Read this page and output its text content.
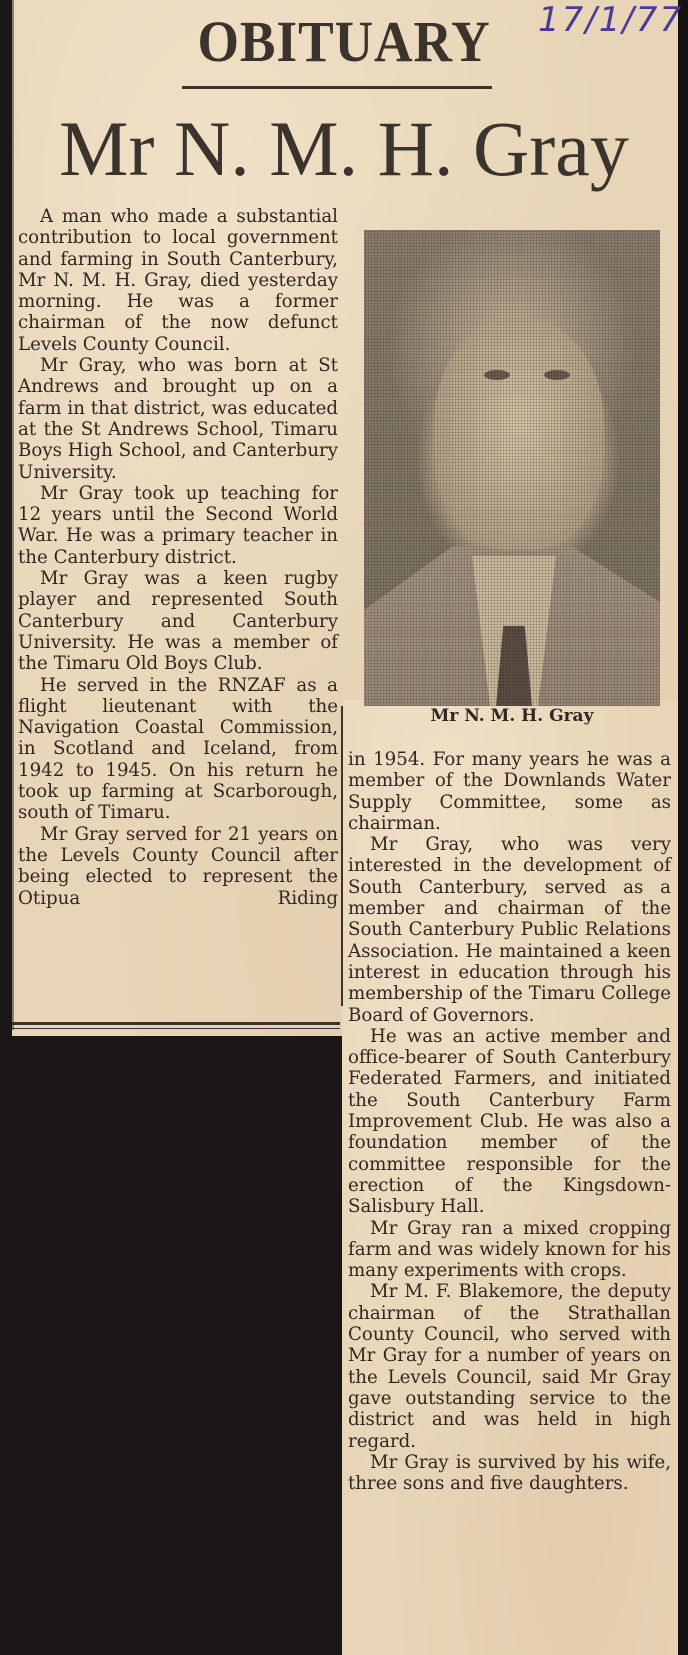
OBITUARY	17/1/77
Mr N. M. H. Gray

A man who made a substantial contribution to local government and farming in South Canterbury, Mr N. M. H. Gray, died yesterday morning. He was a former chairman of the now defunct Levels County Council.

Mr Gray, who was born at St Andrews and brought up on a farm in that district, was educated at the St Andrews School, Timaru Boys High School, and Canterbury University.

Mr Gray took up teaching for 12 years until the Second World War. He was a primary teacher in the Canterbury district.

Mr Gray was a keen rugby player and represented South Canterbury and Canterbury University. He was a member of the Timaru Old Boys Club.

He served in the RNZAF as a flight lieutenant with the Navigation Coastal Commission, in Scotland and Iceland, from 1942 to 1945. On his return he took up farming at Scarborough, south of Timaru.

Mr Gray served for 21 years on the Levels County Council after being elected to represent the Otipua Riding

Mr N. M. H. Gray

in 1954. For many years he was a member of the Downlands Water Supply Committee, some as chairman.

Mr Gray, who was very interested in the development of South Canterbury, served as a member and chairman of the South Canterbury Public Relations Association. He maintained a keen interest in education through his membership of the Timaru College Board of Governors.

He was an active member and office-bearer of South Canterbury Federated Farmers, and initiated the South Canterbury Farm Improvement Club. He was also a foundation member of the committee responsible for the erection of the Kingsdown-Salisbury Hall.

Mr Gray ran a mixed cropping farm and was widely known for his many experiments with crops.

Mr M. F. Blakemore, the deputy chairman of the Strathallan County Council, who served with Mr Gray for a number of years on the Levels Council, said Mr Gray gave outstanding service to the district and was held in high regard.

Mr Gray is survived by his wife, three sons and five daughters.
